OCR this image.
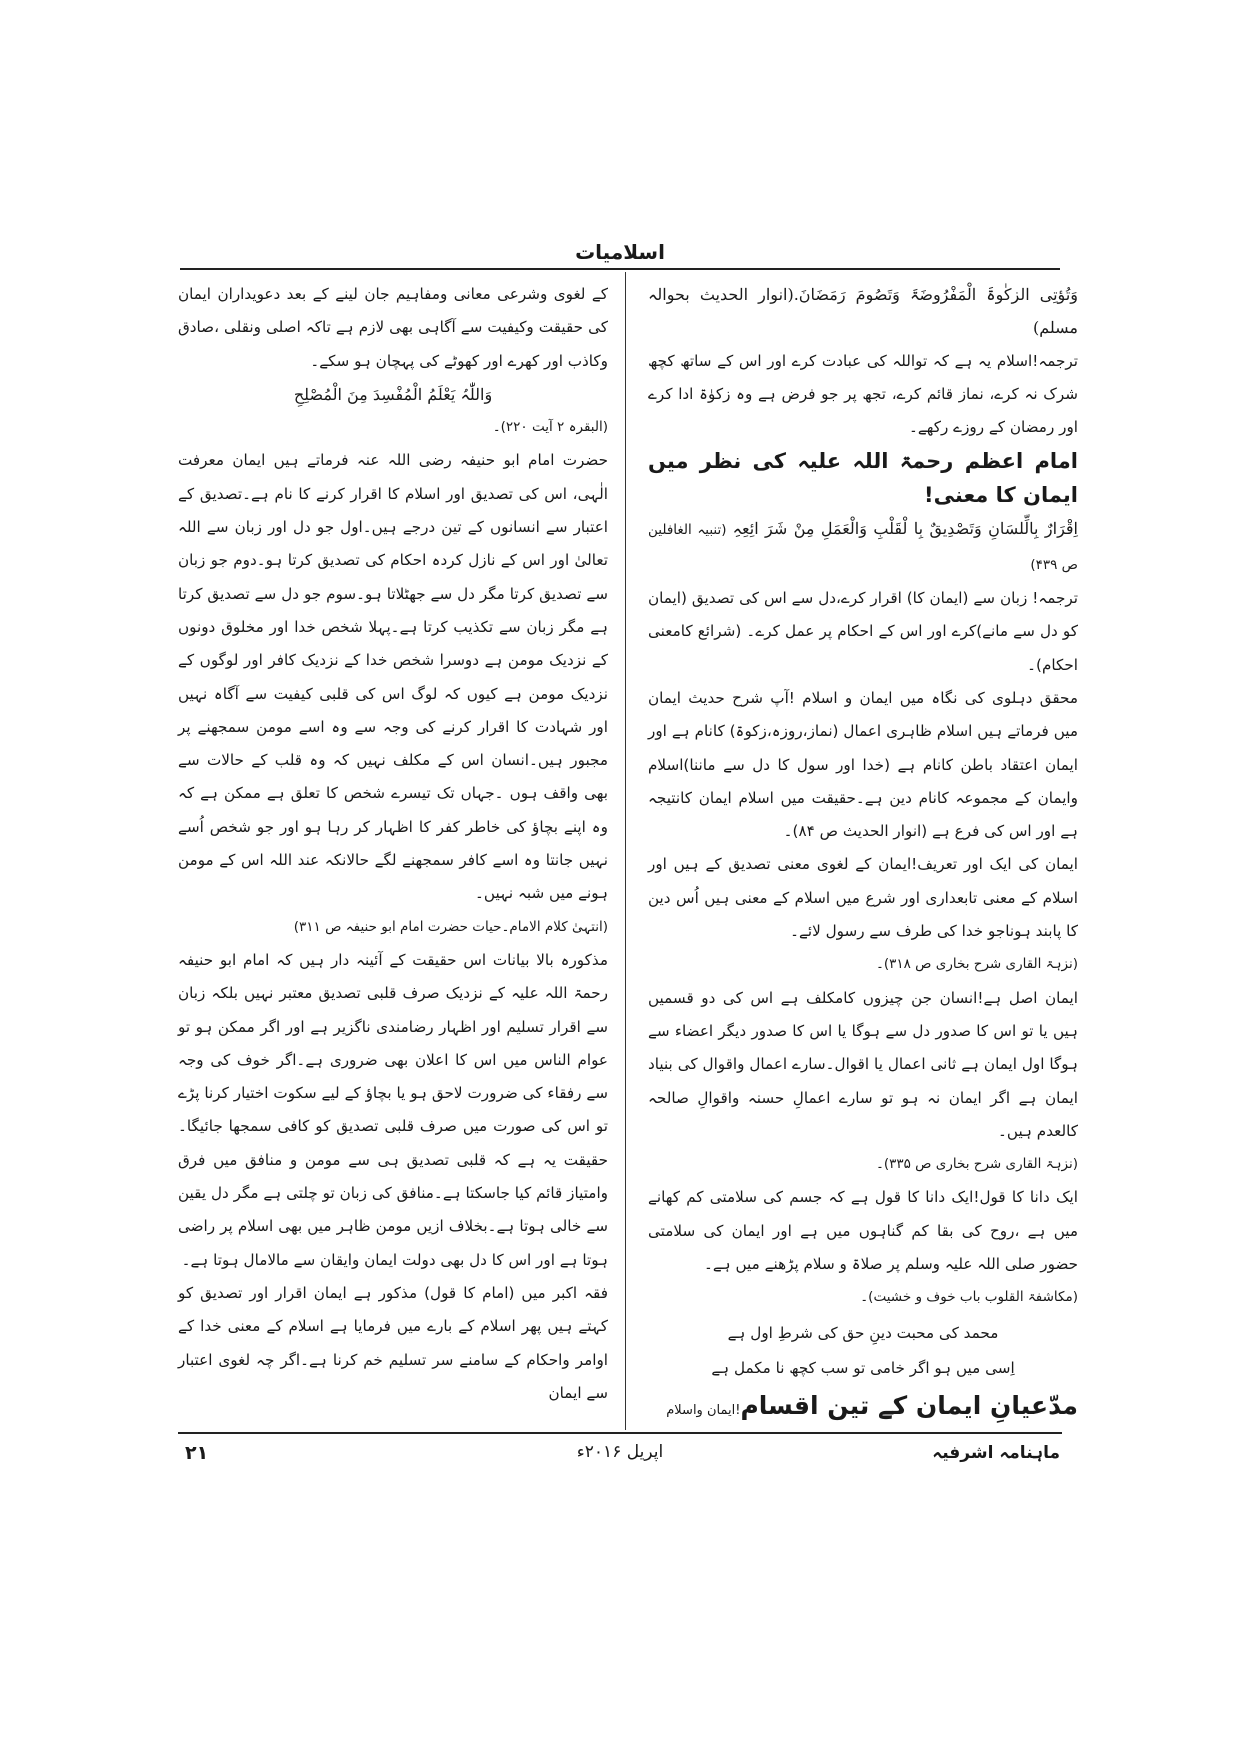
اسلامیات

وَتُؤتِی الزکٰوۃَ الْمَفْرُوضَۃَ وَتَصُومَ رَمَضَانَ.(انوار الحدیث بحوالہ مسلم)

ترجمہ!اسلام یہ ہے کہ تواللہ کی عبادت کرے اور اس کے ساتھ کچھ شرک نہ کرے، نماز قائم کرے، تجھ پر جو فرض ہے وہ زکوٰۃ ادا کرے اور رمضان کے روزے رکھے۔

امام اعظم رحمۃ اللہ علیہ کی نظر میں ایمان کا معنی!

اِقْرَارٌ بِالِّلسَانِ وَتَصْدِیقٌ بِا لْقَلْبِ وَالْعَمَلِ مِنْ شَرَ ائِعِہِ (تنبیہ الغافلین ص ۴۳۹)

ترجمہ! زبان سے (ایمان کا) اقرار کرے،دل سے اس کی تصدیق (ایمان کو دل سے مانے)کرے اور اس کے احکام پر عمل کرے۔ (شرائع کامعنی احکام)۔

محقق دہلوی کی نگاہ میں ایمان و اسلام !آپ شرح حدیث ایمان میں فرماتے ہیں اسلام ظاہری اعمال (نماز،روزہ،زکوۃ) کانام ہے اور ایمان اعتقاد باطن کانام ہے (خدا اور سول کا دل سے ماننا)اسلام وایمان کے مجموعہ کانام دین ہے۔حقیقت میں اسلام ایمان کانتیجہ ہے اور اس کی فرع ہے (انوار الحدیث ص ۸۴)۔

ایمان کی ایک اور تعریف!ایمان کے لغوی معنی تصدیق کے ہیں اور اسلام کے معنی تابعداری اور شرع میں اسلام کے معنی ہیں اُس دین کا پابند ہوناجو خدا کی طرف سے رسول لائے۔

(نزہۃ القاری شرح بخاری ص ۳۱۸)۔

ایمان اصل ہے!انسان جن چیزوں کامکلف ہے اس کی دو قسمیں ہیں یا تو اس کا صدور دل سے ہوگا یا اس کا صدور دیگر اعضاء سے ہوگا اول ایمان ہے ثانی اعمال یا اقوال۔سارے اعمال واقوال کی بنیاد ایمان ہے اگر ایمان نہ ہو تو سارے اعمالِ حسنہ واقوالِ صالحہ کالعدم ہیں۔

(نزہۃ القاری شرح بخاری ص ۳۳۵)۔

ایک دانا کا قول!ایک دانا کا قول ہے کہ جسم کی سلامتی کم کھانے میں ہے ،روح کی بقا کم گناہوں میں ہے اور ایمان کی سلامتی حضور صلی اللہ علیہ وسلم پر صلاۃ و سلام پڑھنے میں ہے۔

(مکاشفۃ القلوب باب خوف و خشیت)۔

محمد کی محبت دینِ حق کی شرطِ اول ہے

اِسی میں ہو اگر خامی تو سب کچھ نا مکمل ہے

مدّعیانِ ایمان کے تین اقسام!ایمان واسلام

کے لغوی وشرعی معانی ومفاہیم جان لینے کے بعد دعویداران ایمان کی حقیقت وکیفیت سے آگاہی بھی لازم ہے تاکہ اصلی ونقلی ،صادق وکاذب اور کھرے اور کھوٹے کی پہچان ہو سکے۔

وَاللّٰہُ یَعْلَمُ الْمُفْسِدَ مِنَ الْمُصْلِحِ

(البقرہ ۲ آیت ۲۲۰)۔

حضرت امام ابو حنیفہ رضی اللہ عنہ فرماتے ہیں ایمان معرفت الٰہی، اس کی تصدیق اور اسلام کا اقرار کرنے کا نام ہے۔تصدیق کے اعتبار سے انسانوں کے تین درجے ہیں۔اول جو دل اور زبان سے اللہ تعالیٰ اور اس کے نازل کردہ احکام کی تصدیق کرتا ہو۔دوم جو زبان سے تصدیق کرتا مگر دل سے جھٹلاتا ہو۔سوم جو دل سے تصدیق کرتا ہے مگر زبان سے تکذیب کرتا ہے۔پہلا شخص خدا اور مخلوق دونوں کے نزدیک مومن ہے دوسرا شخص خدا کے نزدیک کافر اور لوگوں کے نزدیک مومن ہے کیوں کہ لوگ اس کی قلبی کیفیت سے آگاہ نہیں اور شہادت کا اقرار کرنے کی وجہ سے وہ اسے مومن سمجھنے پر مجبور ہیں۔انسان اس کے مکلف نہیں کہ وہ قلب کے حالات سے بھی واقف ہوں ۔جہاں تک تیسرے شخص کا تعلق ہے ممکن ہے کہ وہ اپنے بچاؤ کی خاطر کفر کا اظہار کر رہا ہو اور جو شخص اُسے نہیں جانتا وہ اسے کافر سمجھنے لگے حالانکہ عند اللہ اس کے مومن ہونے میں شبہ نہیں۔

(انتہیٰ کلام الامام۔حیات حضرت امام ابو حنیفہ ص ۳۱۱)

مذکورہ بالا بیانات اس حقیقت کے آئینہ دار ہیں کہ امام ابو حنیفہ رحمۃ اللہ علیہ کے نزدیک صرف قلبی تصدیق معتبر نہیں بلکہ زبان سے اقرار تسلیم اور اظہار رضامندی ناگزیر ہے اور اگر ممکن ہو تو عوام الناس میں اس کا اعلان بھی ضروری ہے۔اگر خوف کی وجہ سے رفقاء کی ضرورت لاحق ہو یا بچاؤ کے لیے سکوت اختیار کرنا پڑے تو اس کی صورت میں صرف قلبی تصدیق کو کافی سمجھا جائیگا۔حقیقت یہ ہے کہ قلبی تصدیق ہی سے مومن و منافق میں فرق وامتیاز قائم کیا جاسکتا ہے۔منافق کی زبان تو چلتی ہے مگر دل یقین سے خالی ہوتا ہے۔بخلاف ازیں مومن ظاہر میں بھی اسلام پر راضی ہوتا ہے اور اس کا دل بھی دولت ایمان وایقان سے مالامال ہوتا ہے۔

فقہ اکبر میں (امام کا قول) مذکور ہے ایمان اقرار اور تصدیق کو کہتے ہیں پھر اسلام کے بارے میں فرمایا ہے اسلام کے معنی خدا کے اوامر واحکام کے سامنے سر تسلیم خم کرنا ہے۔اگر چہ لغوی اعتبار سے ایمان

ماہنامہ اشرفیہ
اپریل ۲۰۱۶ء
۲۱
